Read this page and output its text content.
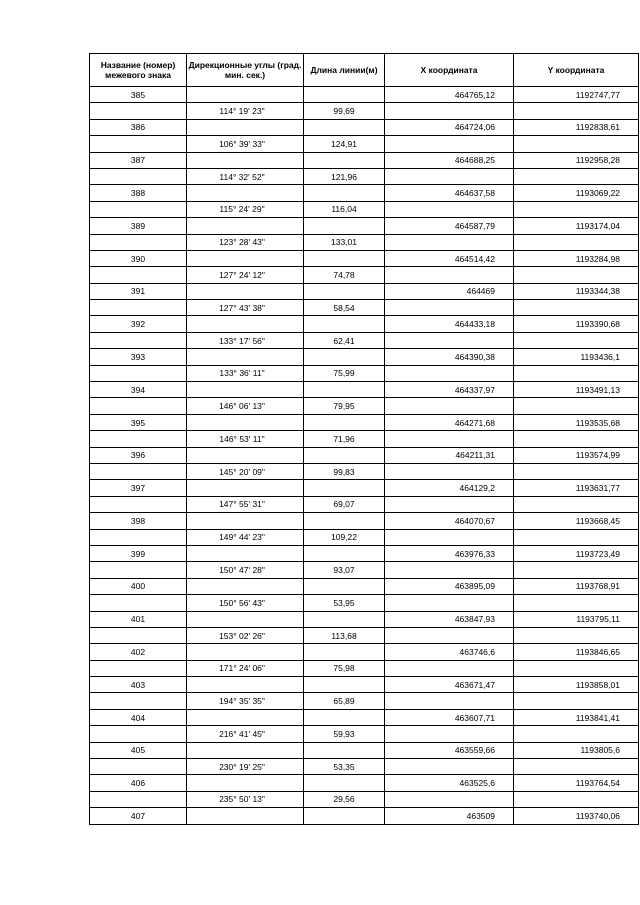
Название (номер) межевого знака	Дирекционные углы (град. мин. сек.)	Длина линии(м)	X координата	Y координата
385			464765,12	1192747,77
	114° 19' 23"	99,69		
386			464724,06	1192838,61
	106° 39' 33"	124,91		
387			464688,25	1192958,28
	114° 32' 52"	121,96		
388			464637,58	1193069,22
	115° 24' 29"	116,04		
389			464587,79	1193174,04
	123° 28' 43"	133,01		
390			464514,42	1193284,98
	127° 24' 12"	74,78		
391			464469	1193344,38
	127° 43' 38"	58,54		
392			464433,18	1193390,68
	133° 17' 56"	62,41		
393			464390,38	1193436,1
	133° 36' 11"	75,99		
394			464337,97	1193491,13
	146° 06' 13"	79,95		
395			464271,68	1193535,68
	146° 53' 11"	71,96		
396			464211,31	1193574,99
	145° 20' 09"	99,83		
397			464129,2	1193631,77
	147° 55' 31"	69,07		
398			464070,67	1193668,45
	149° 44' 23"	109,22		
399			463976,33	1193723,49
	150° 47' 28"	93,07		
400			463895,09	1193768,91
	150° 56' 43"	53,95		
401			463847,93	1193795,11
	153° 02' 26"	113,68		
402			463746,6	1193846,65
	171° 24' 06"	75,98		
403			463671,47	1193858,01
	194° 35' 35"	65,89		
404			463607,71	1193841,41
	216° 41' 45"	59,93		
405			463559,66	1193805,6
	230° 19' 25"	53,35		
406			463525,6	1193764,54
	235° 50' 13"	29,56		
407			463509	1193740,06
